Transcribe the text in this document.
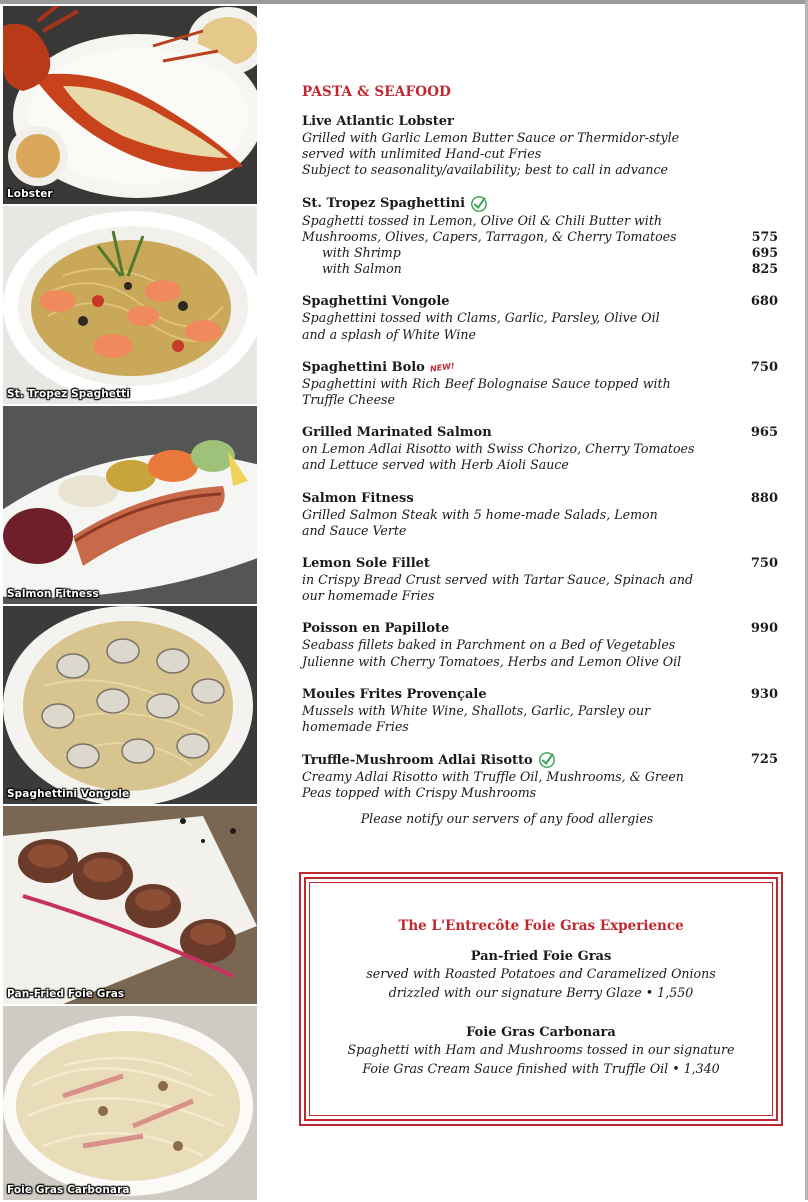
Lobster
St. Tropez Spaghetti
Salmon Fitness
Spaghettini Vongole
Pan-Fried Foie Gras
Foie Gras Carbonara
PASTA & SEAFOOD
Live Atlantic Lobster
Grilled with Garlic Lemon Butter Sauce or Thermidor-style
served with unlimited Hand-cut Fries
Subject to seasonality/availability; best to call in advance
St. Tropez Spaghettini
Spaghetti tossed in Lemon, Olive Oil & Chili Butter with
Mushrooms, Olives, Capers, Tarragon, & Cherry Tomatoes	575
with Shrimp	695
with Salmon	825
Spaghettini Vongole	680
Spaghettini tossed with Clams, Garlic, Parsley, Olive Oil
and a splash of White Wine
Spaghettini Bolo NEW!	750
Spaghettini with Rich Beef Bolognaise Sauce topped with
Truffle Cheese
Grilled Marinated Salmon	965
on Lemon Adlai Risotto with Swiss Chorizo, Cherry Tomatoes
and Lettuce served with Herb Aioli Sauce
Salmon Fitness	880
Grilled Salmon Steak with 5 home-made Salads, Lemon
and Sauce Verte
Lemon Sole Fillet	750
in Crispy Bread Crust served with Tartar Sauce, Spinach and
our homemade Fries
Poisson en Papillote	990
Seabass fillets baked in Parchment on a Bed of Vegetables
Julienne with Cherry Tomatoes, Herbs and Lemon Olive Oil
Moules Frites Provençale	930
Mussels with White Wine, Shallots, Garlic, Parsley our
homemade Fries
Truffle-Mushroom Adlai Risotto	725
Creamy Adlai Risotto with Truffle Oil, Mushrooms, & Green
Peas topped with Crispy Mushrooms
Please notify our servers of any food allergies
The L'Entrecôte Foie Gras Experience
Pan-fried Foie Gras
served with Roasted Potatoes and Caramelized Onions
drizzled with our signature Berry Glaze • 1,550
Foie Gras Carbonara
Spaghetti with Ham and Mushrooms tossed in our signature
Foie Gras Cream Sauce finished with Truffle Oil • 1,340
